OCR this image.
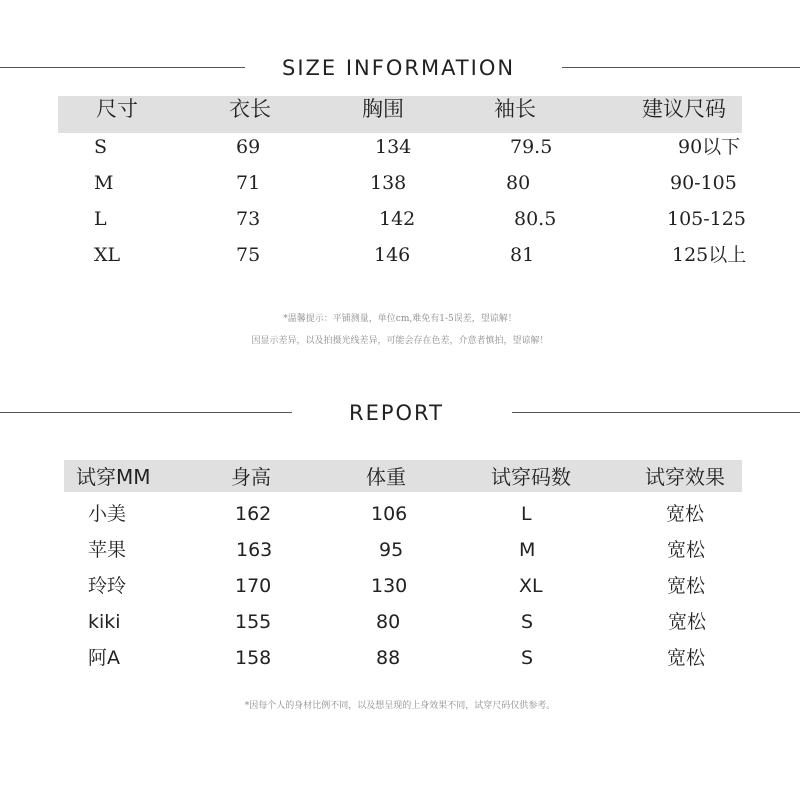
SIZE INFORMATION
尺寸	衣长	胸围	袖长	建议尺码
S	69	134	79.5	90以下
M	71	138	80	90-105
L	73	142	80.5	105-125
XL	75	146	81	125以上
*温馨提示：平铺测量，单位cm,难免有1-5误差，望谅解！
因显示差异，以及拍摄光线差异，可能会存在色差，介意者慎拍，望谅解！
REPORT
试穿MM	身高	体重	试穿码数	试穿效果
小美	162	106	L	宽松
苹果	163	95	M	宽松
玲玲	170	130	XL	宽松
kiki	155	80	S	宽松
阿A	158	88	S	宽松
*因每个人的身材比例不同，以及想呈现的上身效果不同，试穿尺码仅供参考。
